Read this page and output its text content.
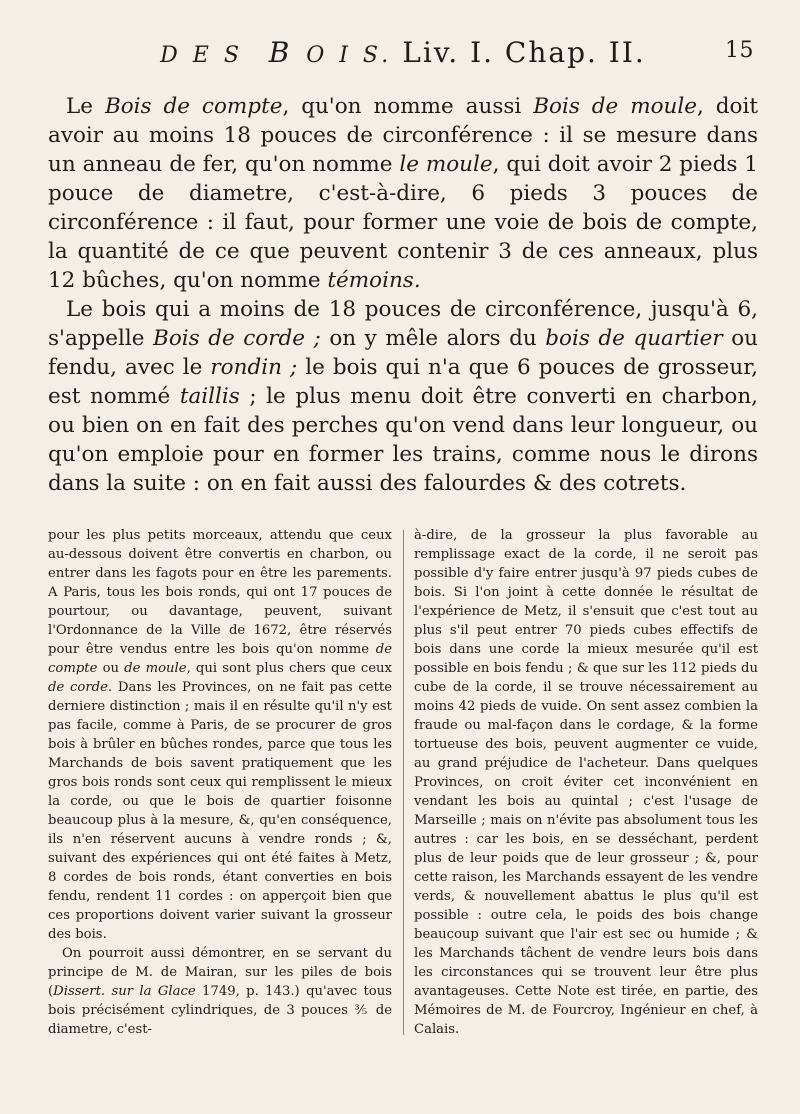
D E S B O I S. Liv. I. Chap. II.	15

Le Bois de compte, qu'on nomme aussi Bois de moule, doit avoir au moins 18 pouces de circonférence : il se mesure dans un anneau de fer, qu'on nomme le moule, qui doit avoir 2 pieds 1 pouce de diametre, c'est-à-dire, 6 pieds 3 pouces de circonférence : il faut, pour former une voie de bois de compte, la quantité de ce que peuvent contenir 3 de ces anneaux, plus 12 bûches, qu'on nomme témoins.

Le bois qui a moins de 18 pouces de circonférence, jusqu'à 6, s'appelle Bois de corde ; on y mêle alors du bois de quartier ou fendu, avec le rondin ; le bois qui n'a que 6 pouces de grosseur, est nommé taillis ; le plus menu doit être converti en charbon, ou bien on en fait des perches qu'on vend dans leur longueur, ou qu'on emploie pour en former les trains, comme nous le dirons dans la suite : on en fait aussi des falourdes & des cotrets.

pour les plus petits morceaux, attendu que ceux au-dessous doivent être convertis en charbon, ou entrer dans les fagots pour en être les parements. A Paris, tous les bois ronds, qui ont 17 pouces de pourtour, ou davantage, peuvent, suivant l'Ordonnance de la Ville de 1672, être réservés pour être vendus entre les bois qu'on nomme de compte ou de moule, qui sont plus chers que ceux de corde. Dans les Provinces, on ne fait pas cette derniere distinction ; mais il en résulte qu'il n'y est pas facile, comme à Paris, de se procurer de gros bois à brûler en bûches rondes, parce que tous les Marchands de bois savent pratiquement que les gros bois ronds sont ceux qui remplissent le mieux la corde, ou que le bois de quartier foisonne beaucoup plus à la mesure, &, qu'en conséquence, ils n'en réservent aucuns à vendre ronds ; &, suivant des expériences qui ont été faites à Metz, 8 cordes de bois ronds, étant converties en bois fendu, rendent 11 cordes : on apperçoit bien que ces proportions doivent varier suivant la grosseur des bois.

On pourroit aussi démontrer, en se servant du principe de M. de Mairan, sur les piles de bois (Dissert. sur la Glace 1749, p. 143.) qu'avec tous bois précisément cylindriques, de 3 pouces ⅗ de diametre, c'est-

à-dire, de la grosseur la plus favorable au remplissage exact de la corde, il ne seroit pas possible d'y faire entrer jusqu'à 97 pieds cubes de bois. Si l'on joint à cette donnée le résultat de l'expérience de Metz, il s'ensuit que c'est tout au plus s'il peut entrer 70 pieds cubes effectifs de bois dans une corde la mieux mesurée qu'il est possible en bois fendu ; & que sur les 112 pieds du cube de la corde, il se trouve nécessairement au moins 42 pieds de vuide. On sent assez combien la fraude ou mal-façon dans le cordage, & la forme tortueuse des bois, peuvent augmenter ce vuide, au grand préjudice de l'acheteur. Dans quelques Provinces, on croit éviter cet inconvénient en vendant les bois au quintal ; c'est l'usage de Marseille ; mais on n'évite pas absolument tous les autres : car les bois, en se desséchant, perdent plus de leur poids que de leur grosseur ; &, pour cette raison, les Marchands essayent de les vendre verds, & nouvellement abattus le plus qu'il est possible : outre cela, le poids des bois change beaucoup suivant que l'air est sec ou humide ; & les Marchands tâchent de vendre leurs bois dans les circonstances qui se trouvent leur être plus avantageuses. Cette Note est tirée, en partie, des Mémoires de M. de Fourcroy, Ingénieur en chef, à Calais.
